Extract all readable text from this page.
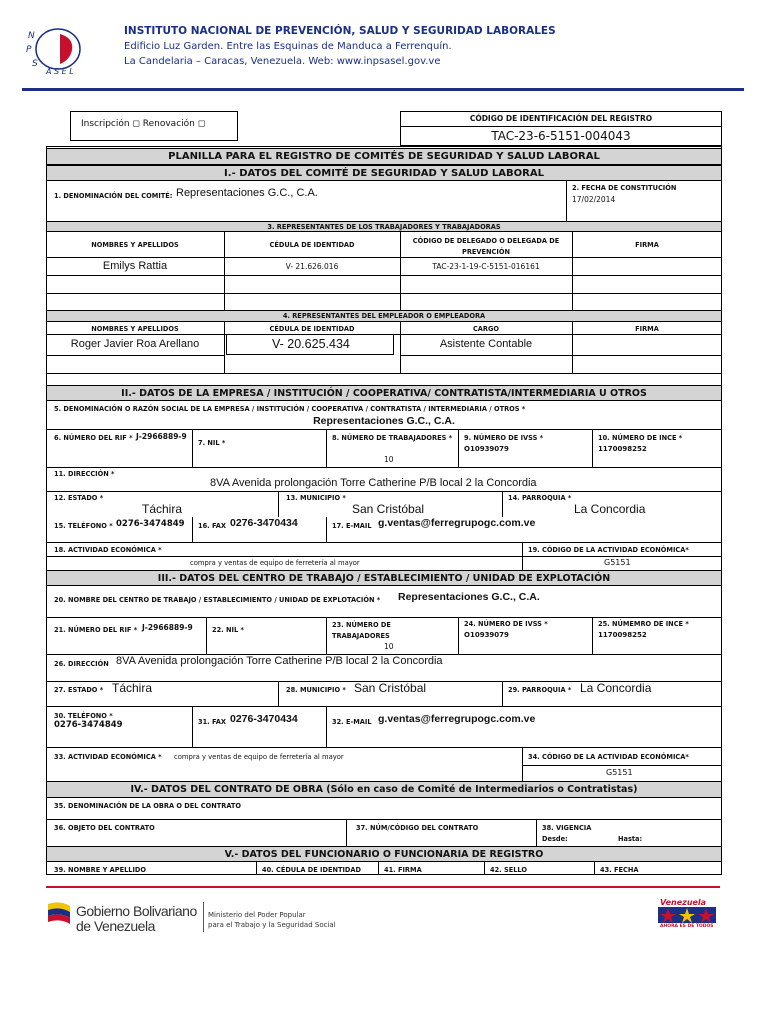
N
P
S
A S E L
INSTITUTO NACIONAL DE PREVENCIÓN, SALUD Y SEGURIDAD LABORALES
Edificio Luz Garden. Entre las Esquinas de Manduca a Ferrenquín.
La Candelaria – Caracas, Venezuela. Web: www.inpsasel.gov.ve
Inscripción ◻ Renovación ◻
CÓDIGO DE IDENTIFICACIÓN DEL REGISTRO
TAC-23-6-5151-004043
PLANILLA PARA EL REGISTRO DE COMITÉS DE SEGURIDAD Y SALUD LABORAL
I.- DATOS DEL COMITÉ DE SEGURIDAD Y SALUD LABORAL
1. DENOMINACIÓN DEL COMITÉ: Representaciones G.C., C.A.	2. FECHA DE CONSTITUCIÓN
17/02/2014
3. REPRESENTANTES DE LOS TRABAJADORES Y TRABAJADORAS
NOMBRES Y APELLIDOS	CÉDULA DE IDENTIDAD	CÓDIGO DE DELEGADO O DELEGADA DE PREVENCIÓN
FIRMA
Emilys Rattia	V- 21.626.016	TAC-23-1-19-C-5151-016161
4. REPRESENTANTES DEL EMPLEADOR O EMPLEADORA
NOMBRES Y APELLIDOS	CÉDULA DE IDENTIDAD	CARGO	FIRMA
Roger Javier Roa Arellano	V- 20.625.434	Asistente Contable
II.- DATOS DE LA EMPRESA / INSTITUCIÓN / COOPERATIVA/ CONTRATISTA/INTERMEDIARIA U OTROS
5. DENOMINACIÓN O RAZÓN SOCIAL DE LA EMPRESA / INSTITUCIÓN / COOPERATIVA / CONTRATISTA / INTERMEDIARIA / OTROS *
Representaciones G.C., C.A.
6. NÚMERO DEL RIF * J-2966889-9
7. NIL *
8. NÚMERO DE TRABAJADORES *
10
9. NÚMERO DE IVSS *
O10939079
10. NÚMERO DE INCE *
1170098252
11. DIRECCIÓN *
8VA Avenida prolongación Torre Catherine P/B local 2 la Concordia
12. ESTADO *
Táchira
13. MUNICIPIO *
San Cristóbal
14. PARROQUIA *
La Concordia
15. TELÉFONO * 0276-3474849 16. FAX 0276-3470434	17. E-MAIL g.ventas@ferregrupogc.com.ve
18. ACTIVIDAD ECONÓMICA *
compra y ventas de equipo de ferretería al mayor
19. CÓDIGO DE LA ACTIVIDAD ECONÓMICA*
G5151
III.- DATOS DEL CENTRO DE TRABAJO / ESTABLECIMIENTO / UNIDAD DE EXPLOTACIÓN
20. NOMBRE DEL CENTRO DE TRABAJO / ESTABLECIMIENTO / UNIDAD DE EXPLOTACIÓN * Representaciones G.C., C.A.
21. NÚMERO DEL RIF * J-2966889-9	22. NIL *
23. NÚMERO DE TRABAJADORES
10
24. NÚMERO DE IVSS *
O10939079
25. NÚMEMRO DE INCE *
1170098252
26. DIRECCIÓN 8VA Avenida prolongación Torre Catherine P/B local 2 la Concordia
27. ESTADO * Táchira	28. MUNICIPIO * San Cristóbal	29. PARROQUIA * La Concordia
30. TELÉFONO *
0276-3474849	31. FAX 0276-3470434	32. E-MAIL g.ventas@ferregrupogc.com.ve
33. ACTIVIDAD ECONÓMICA * compra y ventas de equipo de ferretería al mayor	34. CÓDIGO DE LA ACTIVIDAD ECONÓMICA*
G5151
IV.- DATOS DEL CONTRATO DE OBRA (Sólo en caso de Comité de Intermediarios o Contratistas)
35. DENOMINACIÓN DE LA OBRA O DEL CONTRATO
36. OBJETO DEL CONTRATO	37. NÚM/CÓDIGO DEL CONTRATO	38. VIGENCIA
Desde:	Hasta:
V.- DATOS DEL FUNCIONARIO O FUNCIONARIA DE REGISTRO
39. NOMBRE Y APELLIDO	40. CÉDULA DE IDENTIDAD	41. FIRMA	42. SELLO	43. FECHA
Gobierno Bolivariano
de Venezuela
Ministerio del Poder Popular
para el Trabajo y la Seguridad Social
Venezuela
AHORA ES DE TODOS
